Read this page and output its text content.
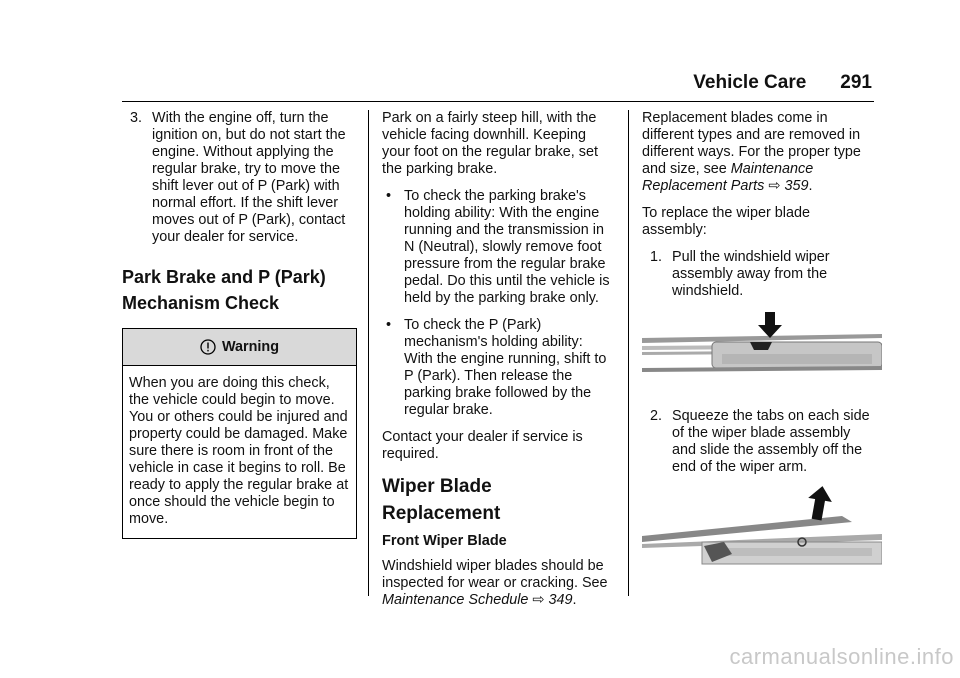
Vehicle Care 291
3. With the engine off, turn the ignition on, but do not start the engine. Without applying the regular brake, try to move the shift lever out of P (Park) with normal effort. If the shift lever moves out of P (Park), contact your dealer for service.
Park Brake and P (Park)
Mechanism Check
Warning
When you are doing this check, the vehicle could begin to move. You or others could be injured and property could be damaged. Make sure there is room in front of the vehicle in case it begins to roll. Be ready to apply the regular brake at once should the vehicle begin to move.

Park on a fairly steep hill, with the vehicle facing downhill. Keeping your foot on the regular brake, set the parking brake.

• To check the parking brake's holding ability: With the engine running and the transmission in N (Neutral), slowly remove foot pressure from the regular brake pedal. Do this until the vehicle is held by the parking brake only.
• To check the P (Park) mechanism's holding ability: With the engine running, shift to P (Park). Then release the parking brake followed by the regular brake.

Contact your dealer if service is required.

Wiper Blade Replacement
Front Wiper Blade

Windshield wiper blades should be inspected for wear or cracking. See Maintenance Schedule ⇨ 349.

Replacement blades come in different types and are removed in different ways. For the proper type and size, see Maintenance Replacement Parts ⇨ 359.

To replace the wiper blade assembly:

1. Pull the windshield wiper assembly away from the windshield.
2. Squeeze the tabs on each side of the wiper blade assembly and slide the assembly off the end of the wiper arm.
carmanualsonline.info
